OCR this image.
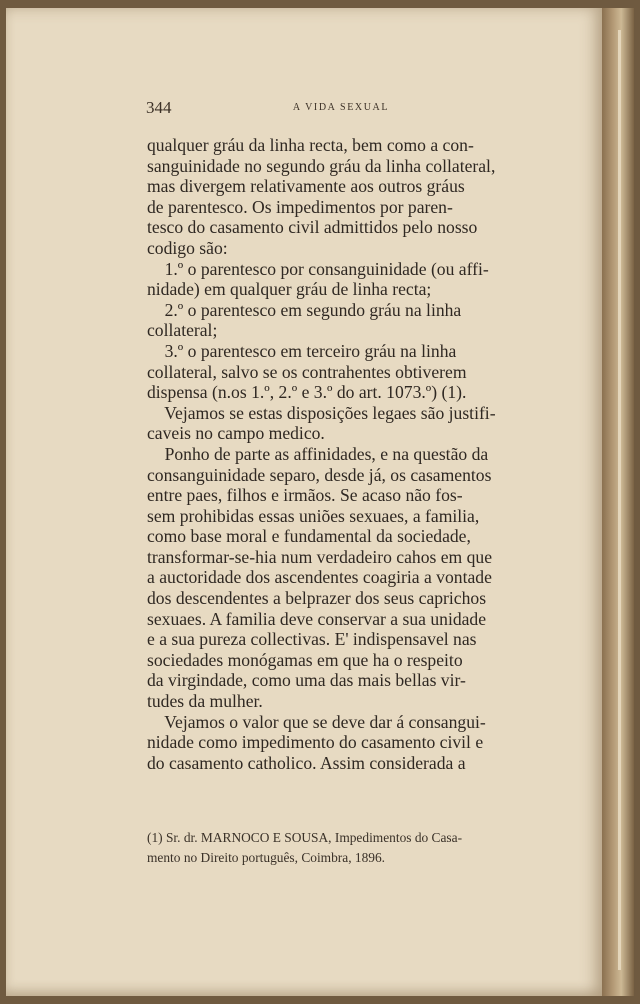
344	A VIDA SEXUAL
qualquer gráu da linha recta, bem como a con-
sanguinidade no segundo gráu da linha collateral,
mas divergem relativamente aos outros gráus
de parentesco. Os impedimentos por paren-
tesco do casamento civil admittidos pelo nosso
codigo são:
1.º o parentesco por consanguinidade (ou affi-
nidade) em qualquer gráu de linha recta;
2.º o parentesco em segundo gráu na linha
collateral;
3.º o parentesco em terceiro gráu na linha
collateral, salvo se os contrahentes obtiverem
dispensa (n.os 1.º, 2.º e 3.º do art. 1073.º) (1).
Vejamos se estas disposições legaes são justifi-
caveis no campo medico.
Ponho de parte as affinidades, e na questão da
consanguinidade separo, desde já, os casamentos
entre paes, filhos e irmãos. Se acaso não fos-
sem prohibidas essas uniões sexuaes, a familia,
como base moral e fundamental da sociedade,
transformar-se-hia num verdadeiro cahos em que
a auctoridade dos ascendentes coagiria a vontade
dos descendentes a belprazer dos seus caprichos
sexuaes. A familia deve conservar a sua unidade
e a sua pureza collectivas. E' indispensavel nas
sociedades monógamas em que ha o respeito
da virgindade, como uma das mais bellas vir-
tudes da mulher.
Vejamos o valor que se deve dar á consangui-
nidade como impedimento do casamento civil e
do casamento catholico. Assim considerada a
(1) Sr. dr. MARNOCO E SOUSA, Impedimentos do Casa-
mento no Direito português, Coimbra, 1896.
